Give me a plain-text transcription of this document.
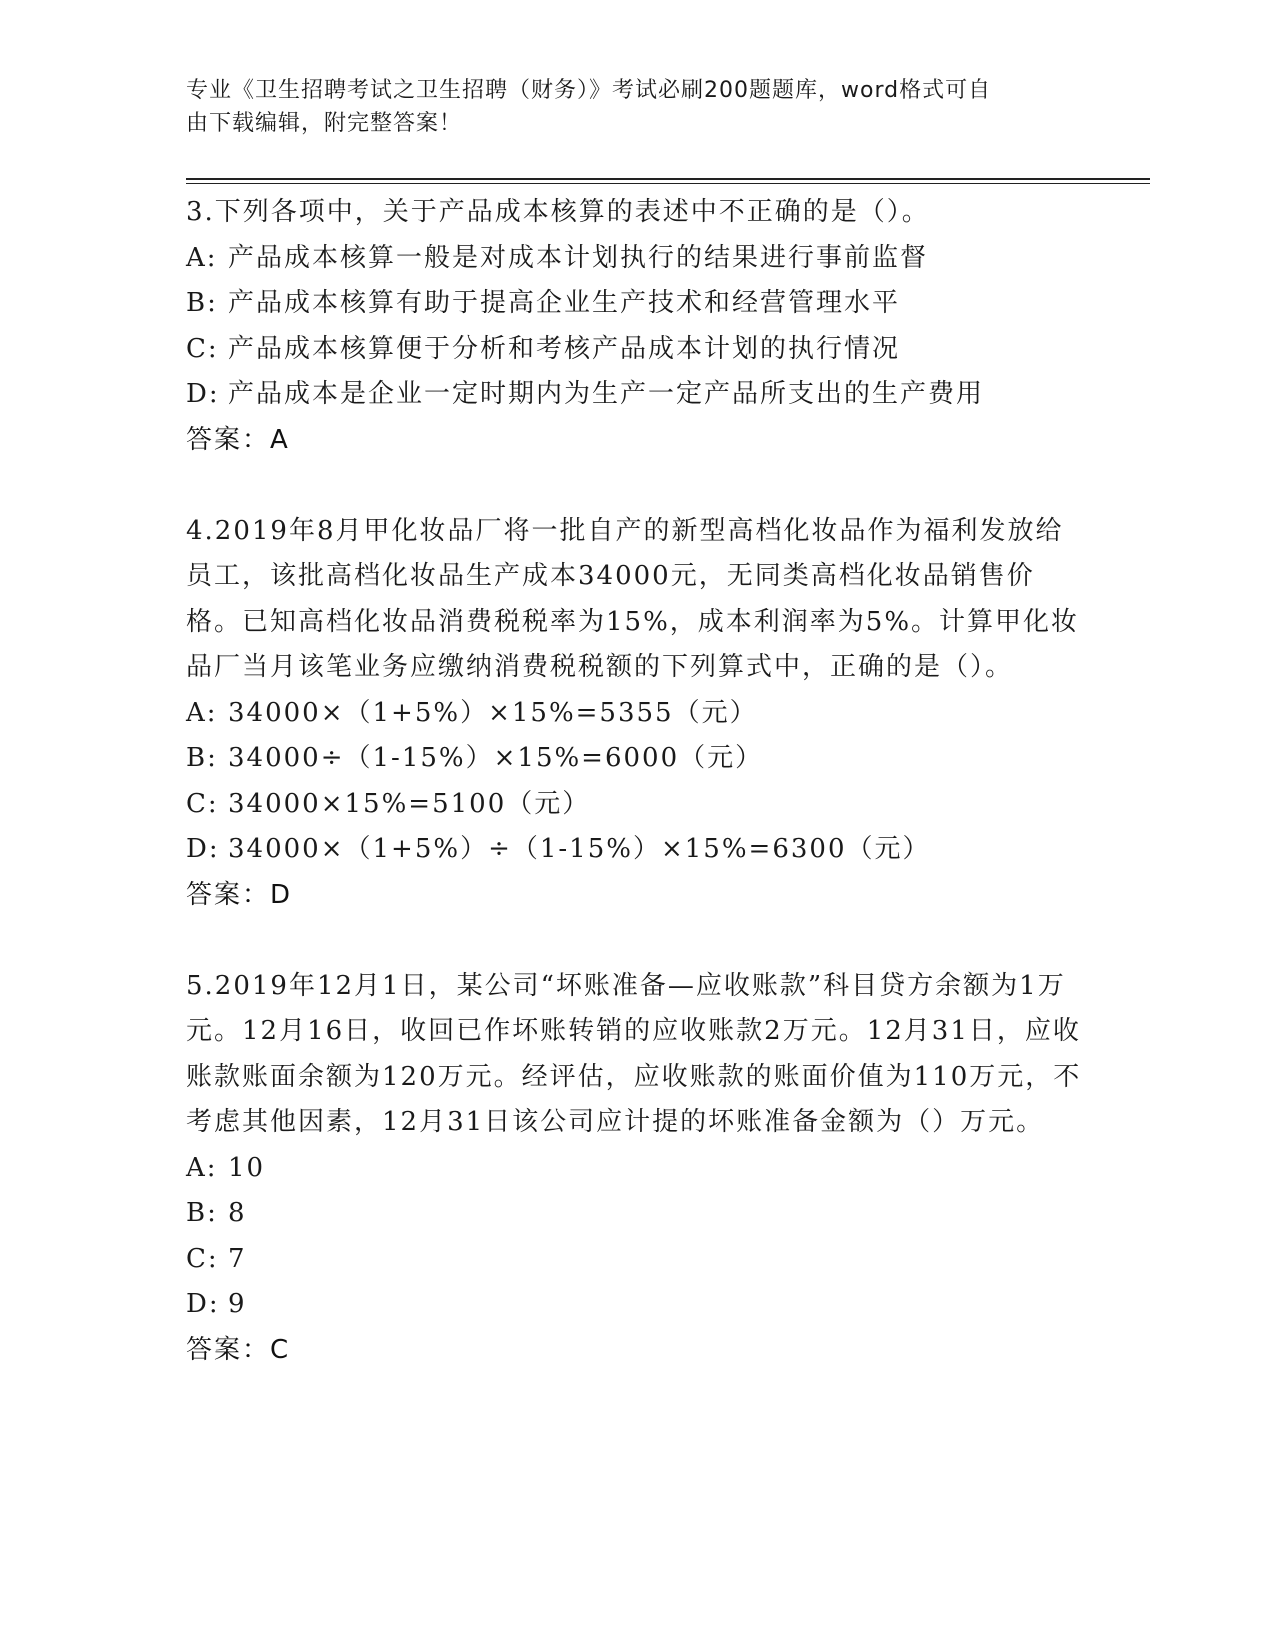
专业《卫生招聘考试之卫生招聘（财务）》考试必刷200题题库，word格式可自
由下载编辑，附完整答案！
3.下列各项中，关于产品成本核算的表述中不正确的是（）。
A: 产品成本核算一般是对成本计划执行的结果进行事前监督
B: 产品成本核算有助于提高企业生产技术和经营管理水平
C: 产品成本核算便于分析和考核产品成本计划的执行情况
D: 产品成本是企业一定时期内为生产一定产品所支出的生产费用
答案：A
4.2019年8月甲化妆品厂将一批自产的新型高档化妆品作为福利发放给员工，该批高档化妆品生产成本34000元，无同类高档化妆品销售价格。已知高档化妆品消费税税率为15%，成本利润率为5%。计算甲化妆品厂当月该笔业务应缴纳消费税税额的下列算式中，正确的是（）。
A: 34000×（1+5%）×15%=5355（元）
B: 34000÷（1-15%）×15%=6000（元）
C: 34000×15%=5100（元）
D: 34000×（1+5%）÷（1-15%）×15%=6300（元）
答案：D
5.2019年12月1日，某公司“坏账准备—应收账款”科目贷方余额为1万元。12月16日，收回已作坏账转销的应收账款2万元。12月31日，应收账款账面余额为120万元。经评估，应收账款的账面价值为110万元，不考虑其他因素，12月31日该公司应计提的坏账准备金额为（）万元。
A: 10
B: 8
C: 7
D: 9
答案：C
